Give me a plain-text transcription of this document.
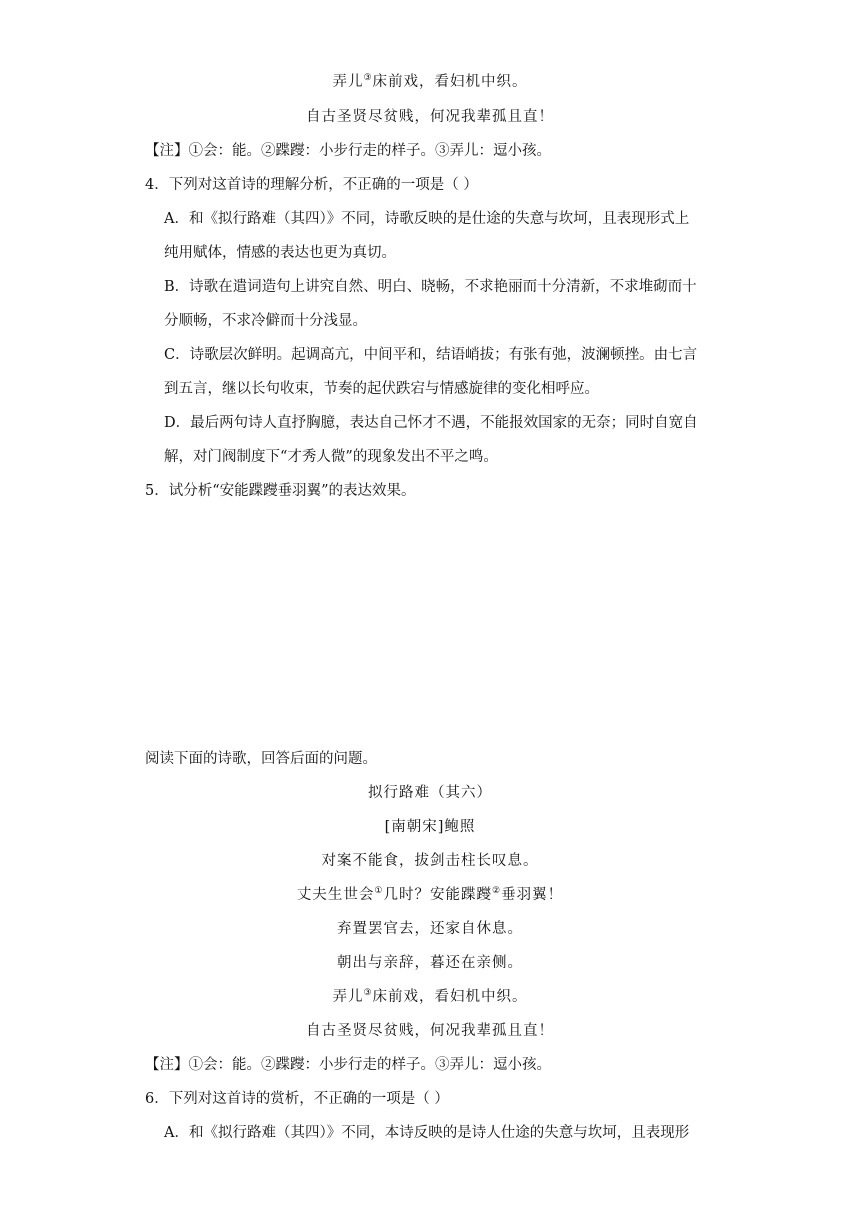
弄儿③床前戏，看妇机中织。
自古圣贤尽贫贱，何况我辈孤且直！
【注】①会：能。②蹀躞：小步行走的样子。③弄儿：逗小孩。
4．下列对这首诗的理解分析，不正确的一项是（ ）
A．和《拟行路难（其四）》不同，诗歌反映的是仕途的失意与坎坷，且表现形式上
纯用赋体，情感的表达也更为真切。
B．诗歌在遣词造句上讲究自然、明白、晓畅，不求艳丽而十分清新，不求堆砌而十
分顺畅，不求冷僻而十分浅显。
C．诗歌层次鲜明。起调高亢，中间平和，结语峭拔；有张有弛，波澜顿挫。由七言
到五言，继以长句收束，节奏的起伏跌宕与情感旋律的变化相呼应。
D．最后两句诗人直抒胸臆，表达自己怀才不遇，不能报效国家的无奈；同时自宽自
解，对门阀制度下“才秀人微”的现象发出不平之鸣。
5．试分析“安能蹀躞垂羽翼”的表达效果。
阅读下面的诗歌，回答后面的问题。
拟行路难（其六）
[南朝宋]鲍照
对案不能食，拔剑击柱长叹息。
丈夫生世会①几时？安能蹀躞②垂羽翼！
弃置罢官去，还家自休息。
朝出与亲辞，暮还在亲侧。
弄儿③床前戏，看妇机中织。
自古圣贤尽贫贱，何况我辈孤且直！
【注】①会：能。②蹀躞：小步行走的样子。③弄儿：逗小孩。
6．下列对这首诗的赏析，不正确的一项是（ ）
A．和《拟行路难（其四）》不同，本诗反映的是诗人仕途的失意与坎坷，且表现形
